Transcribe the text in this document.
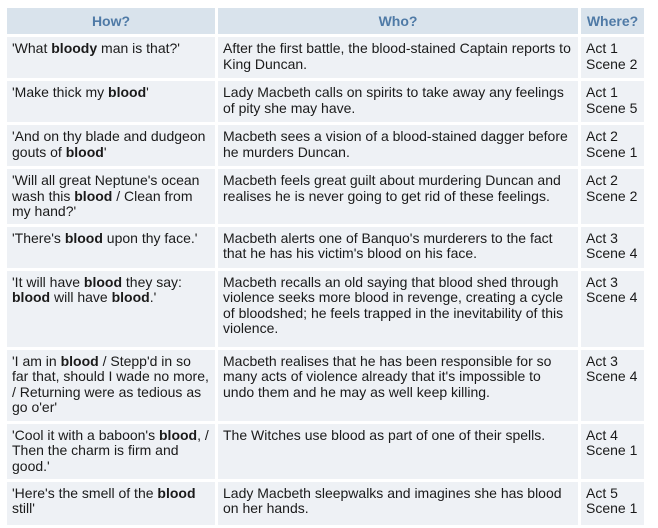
How?	Who?	Where?
'What bloody man is that?'	After the first battle, the blood-stained Captain reports to King Duncan.	Act 1
Scene 2

'Make thick my blood'	Lady Macbeth calls on spirits to take away any feelings of pity she may have.	Act 1
Scene 5

'And on thy blade and dudgeon gouts of blood'	Macbeth sees a vision of a blood-stained dagger before he murders Duncan.	Act 2
Scene 1

'Will all great Neptune's ocean wash this blood / Clean from my hand?'	Macbeth feels great guilt about murdering Duncan and realises he is never going to get rid of these feelings.	Act 2
Scene 2

'There's blood upon thy face.'	Macbeth alerts one of Banquo's murderers to the fact that he has his victim's blood on his face.	Act 3
Scene 4

'It will have blood they say: blood will have blood.'	Macbeth recalls an old saying that blood shed through violence seeks more blood in revenge, creating a cycle of bloodshed; he feels trapped in the inevitability of this violence.	Act 3
Scene 4

'I am in blood / Stepp'd in so far that, should I wade no more, / Returning were as tedious as go o'er'	Macbeth realises that he has been responsible for so many acts of violence already that it's impossible to undo them and he may as well keep killing.	Act 3
Scene 4

'Cool it with a baboon's blood, / Then the charm is firm and good.'	The Witches use blood as part of one of their spells.	Act 4
Scene 1

'Here's the smell of the blood still'	Lady Macbeth sleepwalks and imagines she has blood on her hands.	Act 5
Scene 1
